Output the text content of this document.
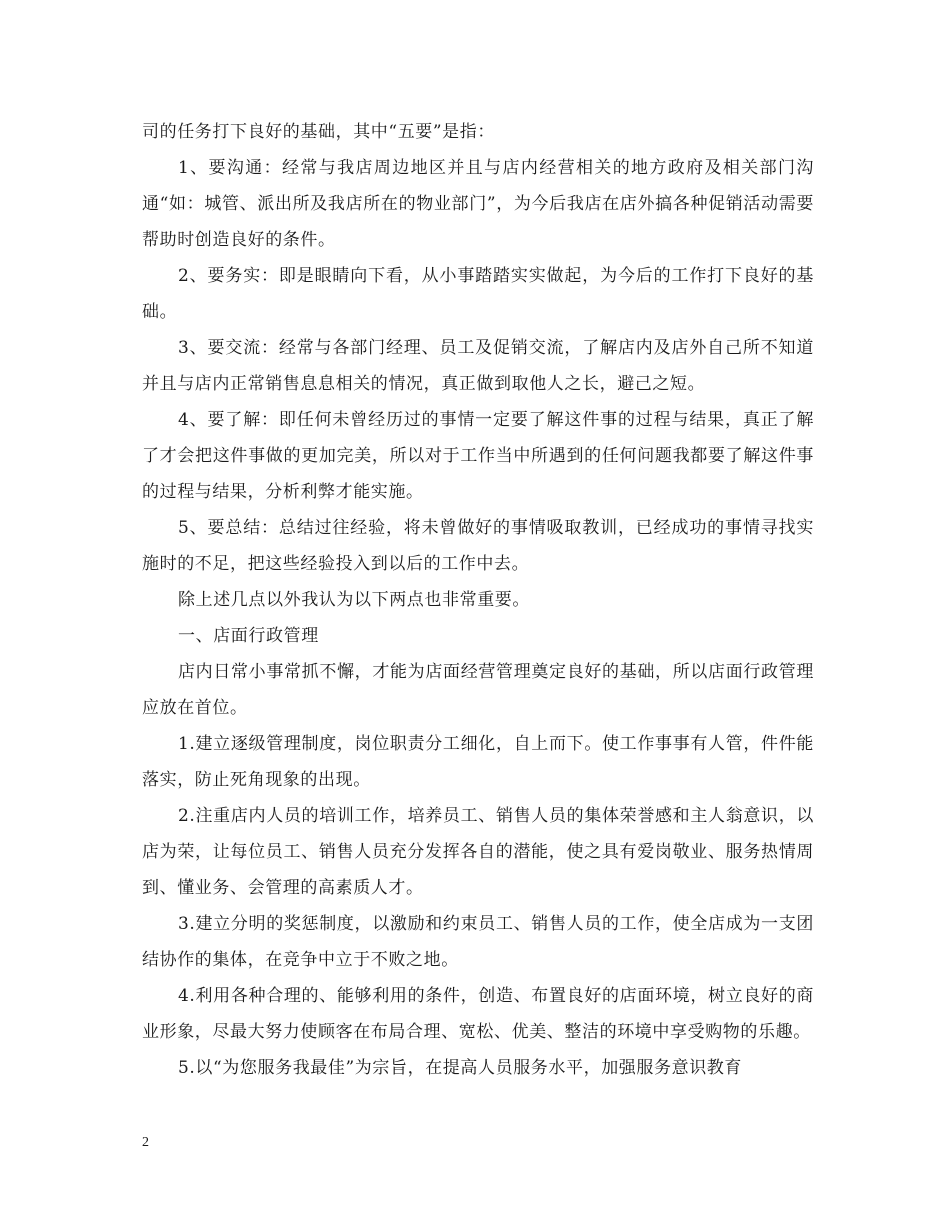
司的任务打下良好的基础，其中“五要”是指：

1、要沟通：经常与我店周边地区并且与店内经营相关的地方政府及相关部门沟通“如：城管、派出所及我店所在的物业部门”，为今后我店在店外搞各种促销活动需要帮助时创造良好的条件。

2、要务实：即是眼睛向下看，从小事踏踏实实做起，为今后的工作打下良好的基础。

3、要交流：经常与各部门经理、员工及促销交流，了解店内及店外自己所不知道并且与店内正常销售息息相关的情况，真正做到取他人之长，避己之短。

4、要了解：即任何未曾经历过的事情一定要了解这件事的过程与结果，真正了解了才会把这件事做的更加完美，所以对于工作当中所遇到的任何问题我都要了解这件事的过程与结果，分析利弊才能实施。

5、要总结：总结过往经验，将未曾做好的事情吸取教训，已经成功的事情寻找实施时的不足，把这些经验投入到以后的工作中去。

除上述几点以外我认为以下两点也非常重要。

一、店面行政管理

店内日常小事常抓不懈，才能为店面经营管理奠定良好的基础，所以店面行政管理应放在首位。

1.建立逐级管理制度，岗位职责分工细化，自上而下。使工作事事有人管，件件能落实，防止死角现象的出现。

2.注重店内人员的培训工作，培养员工、销售人员的集体荣誉感和主人翁意识，以店为荣，让每位员工、销售人员充分发挥各自的潜能，使之具有爱岗敬业、服务热情周到、懂业务、会管理的高素质人才。

3.建立分明的奖惩制度，以激励和约束员工、销售人员的工作，使全店成为一支团结协作的集体，在竞争中立于不败之地。

4.利用各种合理的、能够利用的条件，创造、布置良好的店面环境，树立良好的商业形象，尽最大努力使顾客在布局合理、宽松、优美、整洁的环境中享受购物的乐趣。

5.以“为您服务我最佳”为宗旨，在提高人员服务水平，加强服务意识教育

2
